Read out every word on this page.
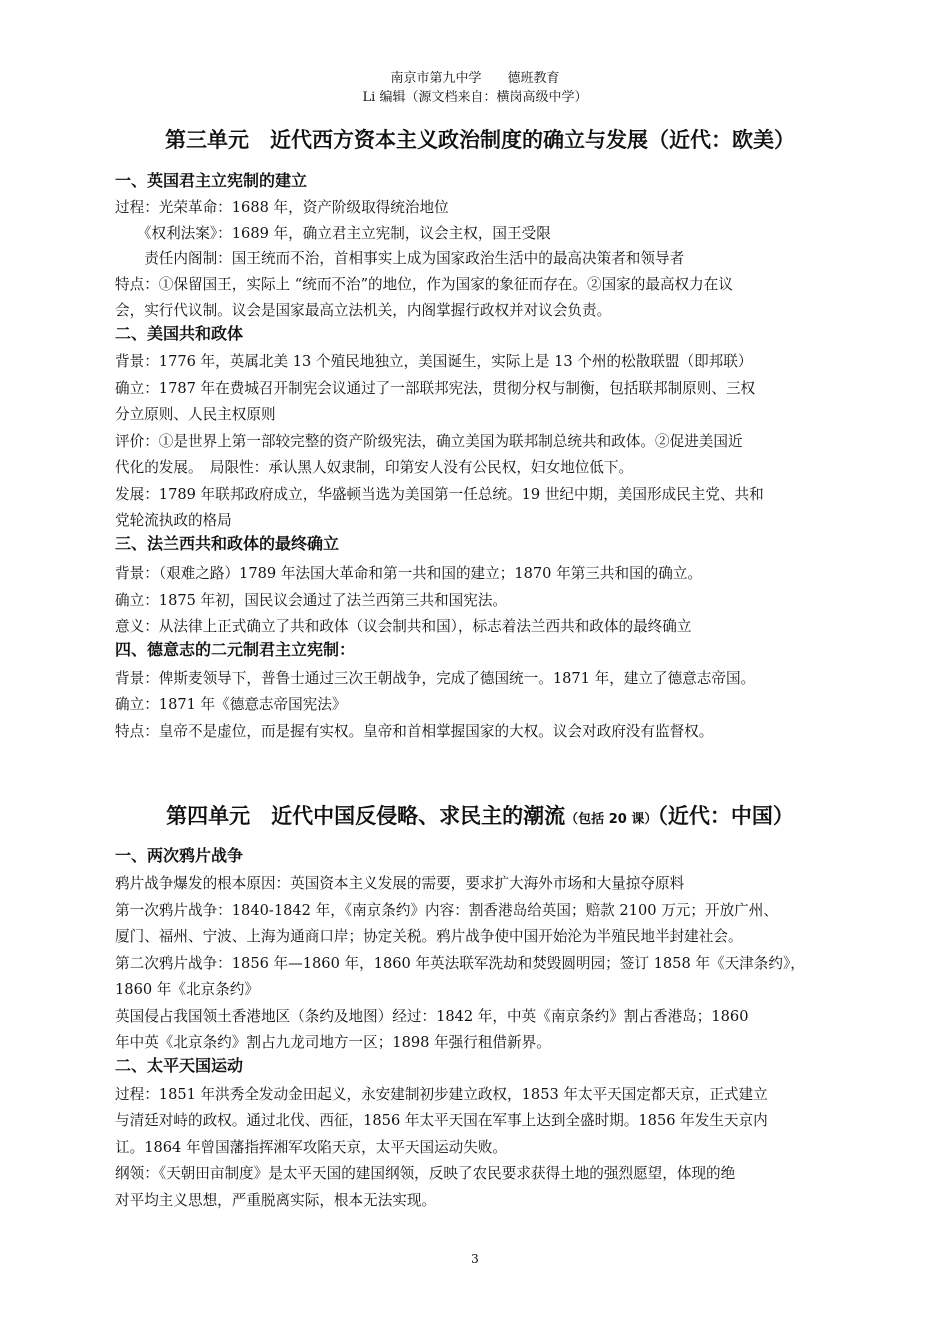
南京市第九中学　　德班教育
Li 编辑（源文档来自：横岗高级中学）
第三单元　近代西方资本主义政治制度的确立与发展（近代：欧美）
一、英国君主立宪制的建立
过程：光荣革命：1688 年，资产阶级取得统治地位
　　《权利法案》：1689 年，确立君主立宪制，议会主权，国王受限
　　责任内阁制：国王统而不治，首相事实上成为国家政治生活中的最高决策者和领导者
特点：①保留国王，实际上 “统而不治”的地位，作为国家的象征而存在。②国家的最高权力在议
会，实行代议制。议会是国家最高立法机关，内阁掌握行政权并对议会负责。
二、美国共和政体
背景：1776 年，英属北美 13 个殖民地独立，美国诞生，实际上是 13 个州的松散联盟（即邦联）
确立：1787 年在费城召开制宪会议通过了一部联邦宪法，贯彻分权与制衡，包括联邦制原则、三权
分立原则、人民主权原则
评价：①是世界上第一部较完整的资产阶级宪法，确立美国为联邦制总统共和政体。②促进美国近
代化的发展。　局限性：承认黑人奴隶制，印第安人没有公民权，妇女地位低下。
发展：1789 年联邦政府成立，华盛顿当选为美国第一任总统。19 世纪中期，美国形成民主党、共和
党轮流执政的格局
三、法兰西共和政体的最终确立
背景：（艰难之路）1789 年法国大革命和第一共和国的建立；1870 年第三共和国的确立。
确立：1875 年初，国民议会通过了法兰西第三共和国宪法。
意义：从法律上正式确立了共和政体（议会制共和国），标志着法兰西共和政体的最终确立
四、德意志的二元制君主立宪制：
背景：俾斯麦领导下，普鲁士通过三次王朝战争，完成了德国统一。1871 年，建立了德意志帝国。
确立：1871 年《德意志帝国宪法》
特点：皇帝不是虚位，而是握有实权。皇帝和首相掌握国家的大权。议会对政府没有监督权。
第四单元　近代中国反侵略、求民主的潮流（包括 20 课）（近代：中国）
一、两次鸦片战争
鸦片战争爆发的根本原因：英国资本主义发展的需要，要求扩大海外市场和大量掠夺原料
第一次鸦片战争：1840-1842 年，《南京条约》内容：割香港岛给英国；赔款 2100 万元；开放广州、
厦门、福州、宁波、上海为通商口岸；协定关税。鸦片战争使中国开始沦为半殖民地半封建社会。
第二次鸦片战争：1856 年—1860 年，1860 年英法联军洗劫和焚毁圆明园；签订 1858 年《天津条约》，
1860 年《北京条约》
英国侵占我国领土香港地区（条约及地图）经过：1842 年，中英《南京条约》割占香港岛；1860
年中英《北京条约》割占九龙司地方一区；1898 年强行租借新界。
二、太平天国运动
过程：1851 年洪秀全发动金田起义，永安建制初步建立政权，1853 年太平天国定都天京，正式建立
与清廷对峙的政权。通过北伐、西征，1856 年太平天国在军事上达到全盛时期。1856 年发生天京内
讧。1864 年曾国藩指挥湘军攻陷天京，太平天国运动失败。
纲领：《天朝田亩制度》是太平天国的建国纲领，反映了农民要求获得土地的强烈愿望，体现的绝
对平均主义思想，严重脱离实际，根本无法实现。
3
